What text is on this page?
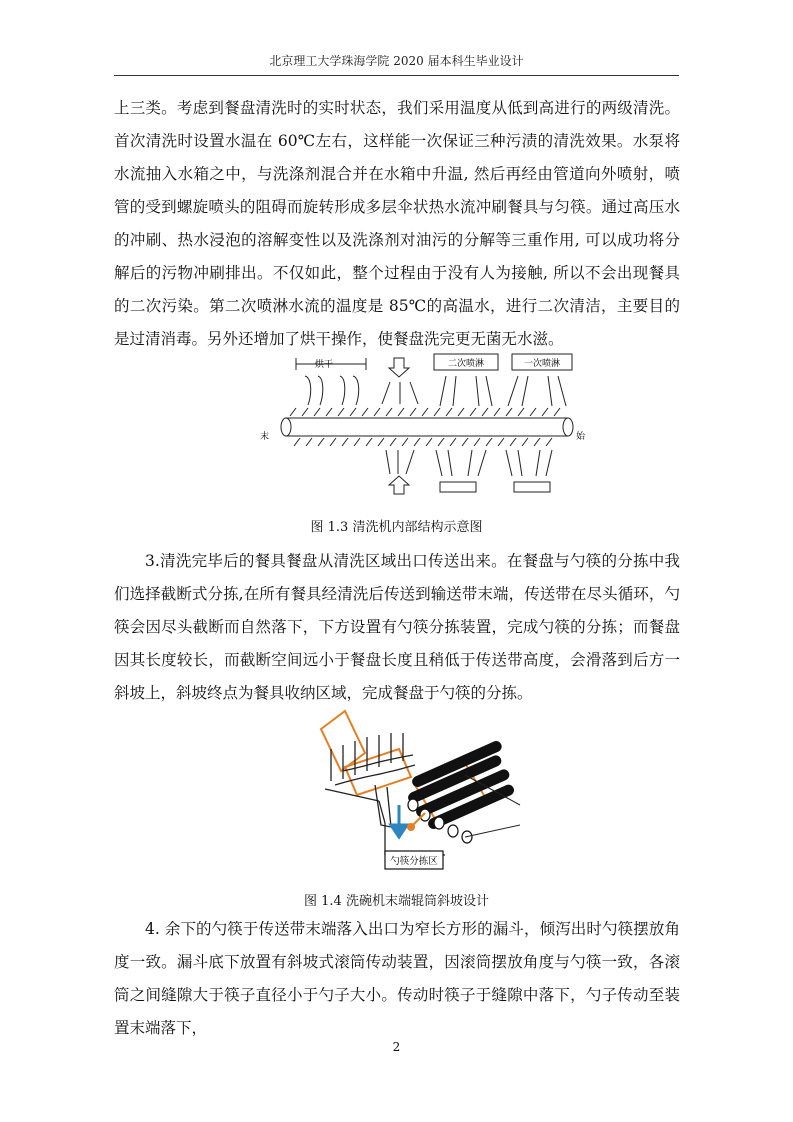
北京理工大学珠海学院 2020 届本科生毕业设计
上三类。考虑到餐盘清洗时的实时状态，我们采用温度从低到高进行的两级清洗。首次清洗时设置水温在 60℃左右，这样能一次保证三种污渍的清洗效果。水泵将水流抽入水箱之中，与洗涤剂混合并在水箱中升温, 然后再经由管道向外喷射，喷管的受到螺旋喷头的阻碍而旋转形成多层伞状热水流冲刷餐具与匀筷。通过高压水的冲刷、热水浸泡的溶解变性以及洗涤剂对油污的分解等三重作用, 可以成功将分解后的污物冲刷排出。不仅如此，整个过程由于没有人为接触, 所以不会出现餐具的二次污染。第二次喷淋水流的温度是 85℃的高温水，进行二次清洁，主要目的是过清消毒。另外还增加了烘干操作，使餐盘洗完更无菌无水滋。
烘干	二次喷淋	一次喷淋
末	始
图 1.3 清洗机内部结构示意图
3.清洗完毕后的餐具餐盘从清洗区域出口传送出来。在餐盘与勺筷的分拣中我们选择截断式分拣,在所有餐具经清洗后传送到输送带末端，传送带在尽头循环，勺筷会因尽头截断而自然落下，下方设置有勺筷分拣装置，完成勺筷的分拣；而餐盘因其长度较长，而截断空间远小于餐盘长度且稍低于传送带高度，会滑落到后方一斜坡上，斜坡终点为餐具收纳区域，完成餐盘于勺筷的分拣。
勺筷分拣区
图 1.4 洗碗机末端辊筒斜坡设计
4. 余下的勺筷于传送带末端落入出口为窄长方形的漏斗，倾泻出时勺筷摆放角度一致。漏斗底下放置有斜坡式滚筒传动装置，因滚筒摆放角度与勺筷一致，各滚筒之间缝隙大于筷子直径小于勺子大小。传动时筷子于缝隙中落下，勺子传动至装置末端落下，
2
